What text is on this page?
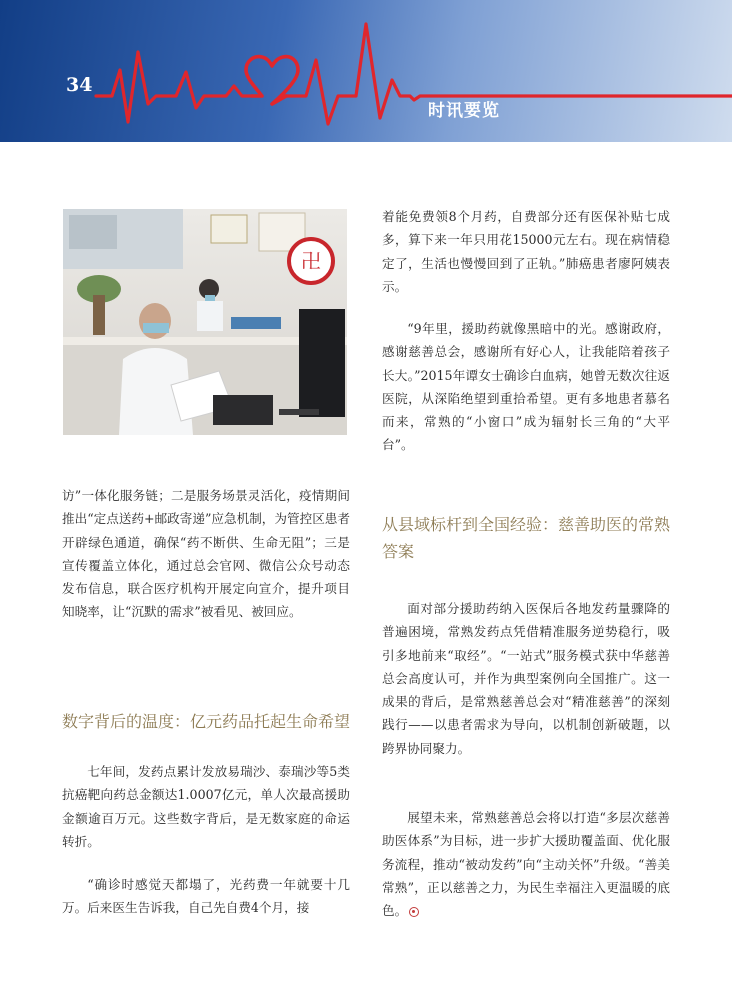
34
时讯要览
卍

访”一体化服务链；二是服务场景灵活化，疫情期间推出“定点送药+邮政寄递”应急机制，为管控区患者开辟绿色通道，确保“药不断供、生命无阻”；三是宣传覆盖立体化，通过总会官网、微信公众号动态发布信息，联合医疗机构开展定向宣介，提升项目知晓率，让“沉默的需求”被看见、被回应。

数字背后的温度：亿元药品托起生命希望

七年间，发药点累计发放易瑞沙、泰瑞沙等5类抗癌靶向药总金额达1.0007亿元，单人次最高援助金额逾百万元。这些数字背后，是无数家庭的命运转折。

“确诊时感觉天都塌了，光药费一年就要十几万。后来医生告诉我，自己先自费4个月，接

着能免费领8个月药，自费部分还有医保补贴七成多，算下来一年只用花15000元左右。现在病情稳定了，生活也慢慢回到了正轨。”肺癌患者廖阿姨表示。

“9年里，援助药就像黑暗中的光。感谢政府，感谢慈善总会，感谢所有好心人，让我能陪着孩子长大。”2015年谭女士确诊白血病，她曾无数次往返医院，从深陷绝望到重拾希望。更有多地患者慕名而来，常熟的“小窗口”成为辐射长三角的“大平台”。

从县域标杆到全国经验：慈善助医的常熟答案

面对部分援助药纳入医保后各地发药量骤降的普遍困境，常熟发药点凭借精准服务逆势稳行，吸引多地前来“取经”。“一站式”服务模式获中华慈善总会高度认可，并作为典型案例向全国推广。这一成果的背后，是常熟慈善总会对“精准慈善”的深刻践行——以患者需求为导向，以机制创新破题，以跨界协同聚力。

展望未来，常熟慈善总会将以打造“多层次慈善助医体系”为目标，进一步扩大援助覆盖面、优化服务流程，推动“被动发药”向“主动关怀”升级。“善美常熟”，正以慈善之力，为民生幸福注入更温暖的底色。
